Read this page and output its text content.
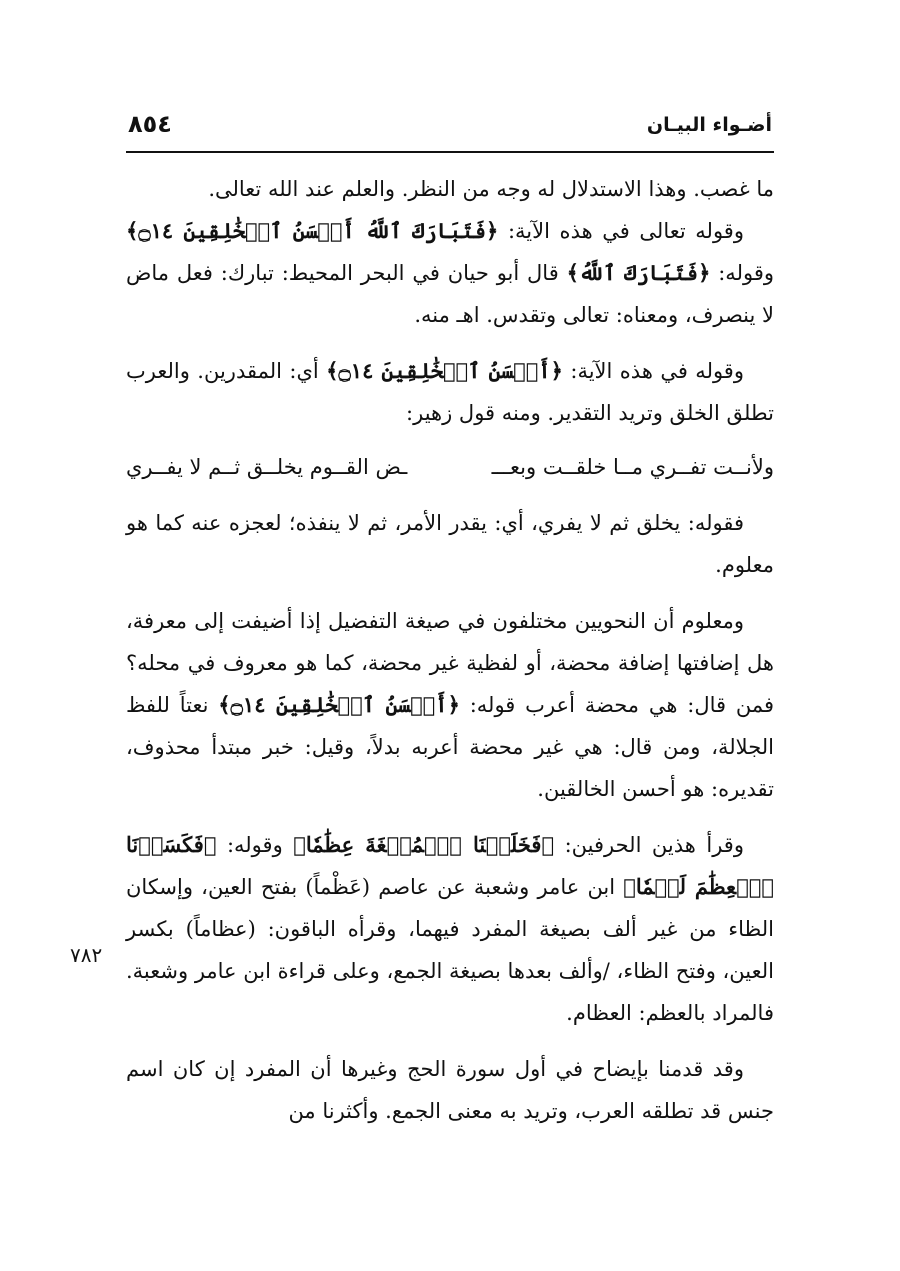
أضـواء البيـان
٨٥٤
٧٨٢

ما غصب. وهذا الاستدلال له وجه من النظر. والعلم عند الله تعالى.

وقوله تعالى في هذه الآية: ﴿فَتَبَارَكَ ٱللَّهُ أَحۡسَنُ ٱلۡخَٰلِقِينَ ۝١٤﴾ وقوله: ﴿فَتَبَارَكَ ٱللَّهُ﴾ قال أبو حيان في البحر المحيط: تبارك: فعل ماض لا ينصرف، ومعناه: تعالى وتقدس. اهـ منه.

وقوله في هذه الآية: ﴿أَحۡسَنُ ٱلۡخَٰلِقِينَ ۝١٤﴾ أي: المقدرين. والعرب تطلق الخلق وتريد التقدير. ومنه قول زهير:

ولأنــت تفــري مــا خلقــت وبعـــ
ـض القــوم يخلــق ثــم لا يفــري

فقوله: يخلق ثم لا يفري، أي: يقدر الأمر، ثم لا ينفذه؛ لعجزه عنه كما هو معلوم.

ومعلوم أن النحويين مختلفون في صيغة التفضيل إذا أضيفت إلى معرفة، هل إضافتها إضافة محضة، أو لفظية غير محضة، كما هو معروف في محله؟ فمن قال: هي محضة أعرب قوله: ﴿أَحۡسَنُ ٱلۡخَٰلِقِينَ ۝١٤﴾ نعتاً للفظ الجلالة، ومن قال: هي غير محضة أعربه بدلاً، وقيل: خبر مبتدأ محذوف، تقديره: هو أحسن الخالقين.

وقرأ هذين الحرفين: ﴿فَخَلَقۡنَا ٱلۡمُضۡغَةَ عِظَٰمٗا﴾ وقوله: ﴿فَكَسَوۡنَا ٱلۡعِظَٰمَ لَحۡمٗا﴾ ابن عامر وشعبة عن عاصم (عَظْماً) بفتح العين، وإسكان الظاء من غير ألف بصيغة المفرد فيهما، وقرأه الباقون: (عظاماً) بكسر العين، وفتح الظاء، /وألف بعدها بصيغة الجمع، وعلى قراءة ابن عامر وشعبة. فالمراد بالعظم: العظام.

وقد قدمنا بإيضاح في أول سورة الحج وغيرها أن المفرد إن كان اسم جنس قد تطلقه العرب، وتريد به معنى الجمع. وأكثرنا من
